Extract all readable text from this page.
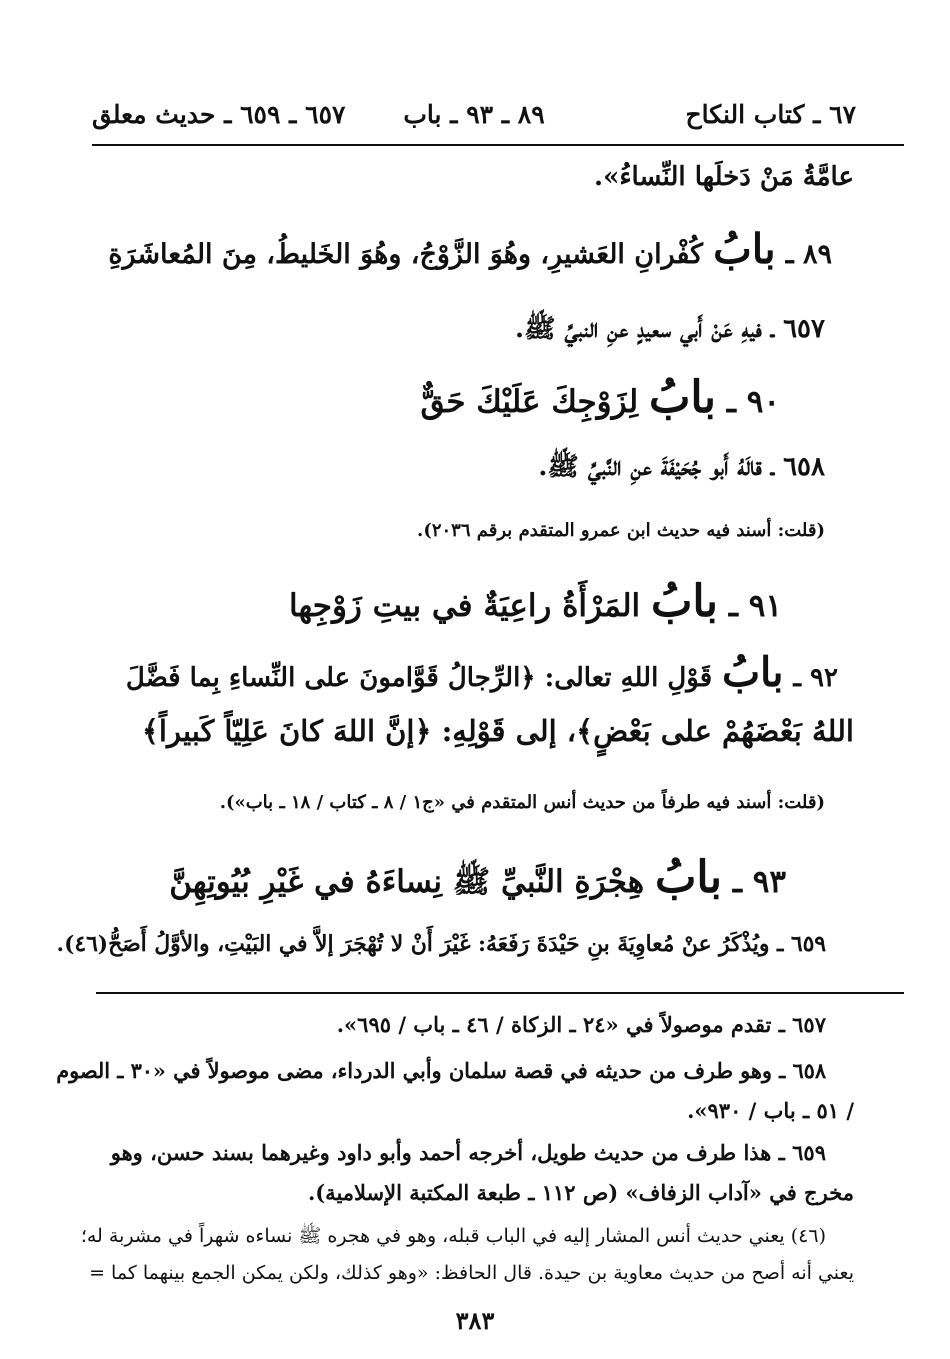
٦٧ ـ كتاب النكاح
٨٩ ـ ٩٣ ـ باب
٦٥٧ ـ ٦٥٩ ـ حديث معلق
عامَّةُ مَنْ دَخلَها النِّساءُ».
٨٩ ـ بابُ كُفْرانِ العَشيرِ، وهُوَ الزَّوْجُ، وهُوَ الخَليطُ، مِنَ المُعاشَرَةِ
٦٥٧ ـ فيهِ عَنْ أَبي سعيدٍ عنِ النبيِّ ﷺ.
٩٠ ـ بابُ لِزَوْجِكَ عَلَيْكَ حَقٌّ
٦٥٨ ـ قالَهُ أَبو جُحَيْفَةَ عنِ النَّبيِّ ﷺ.
(قلت: أسند فيه حديث ابن عمرو المتقدم برقم ٢٠٣٦).
٩١ ـ بابُ المَرْأَةُ راعِيَةٌ في بيتِ زَوْجِها
٩٢ ـ بابُ قَوْلِ اللهِ تعالى: ﴿الرِّجالُ قَوَّامونَ على النِّساءِ بِما فَضَّلَ
اللهُ بَعْضَهُمْ على بَعْضٍ﴾، إلى قَوْلِهِ: ﴿إنَّ اللهَ كانَ عَلِيّاً كَبيراً﴾
(قلت: أسند فيه طرفاً من حديث أنس المتقدم في «ج١ / ٨ ـ كتاب / ١٨ ـ باب»).
٩٣ ـ بابُ هِجْرَةِ النَّبيِّ ﷺ نِساءَهُ في غَيْرِ بُيُوتِهِنَّ
٦٥٩ ـ ويُذْكَرُ عنْ مُعاوِيَةَ بنِ حَيْدَةَ رَفَعَهُ: غَيْرَ أَنْ لا تُهْجَرَ إلاَّ في البَيْتِ، والأوَّلُ أَصَحُّ(٤٦).
٦٥٧ ـ تقدم موصولاً في «٢٤ ـ الزكاة / ٤٦ ـ باب / ٦٩٥».
٦٥٨ ـ وهو طرف من حديثه في قصة سلمان وأبي الدرداء، مضى موصولاً في «٣٠ ـ الصوم
/ ٥١ ـ باب / ٩٣٠».
٦٥٩ ـ هذا طرف من حديث طويل، أخرجه أحمد وأبو داود وغيرهما بسند حسن، وهو
مخرج في «آداب الزفاف» (ص ١١٢ ـ طبعة المكتبة الإسلامية).
(٤٦) يعني حديث أنس المشار إليه في الباب قبله، وهو في هجره ﷺ نساءه شهراً في مشربة له؛
يعني أنه أصح من حديث معاوية بن حيدة. قال الحافظ: «وهو كذلك، ولكن يمكن الجمع بينهما كما =
٣٨٣
